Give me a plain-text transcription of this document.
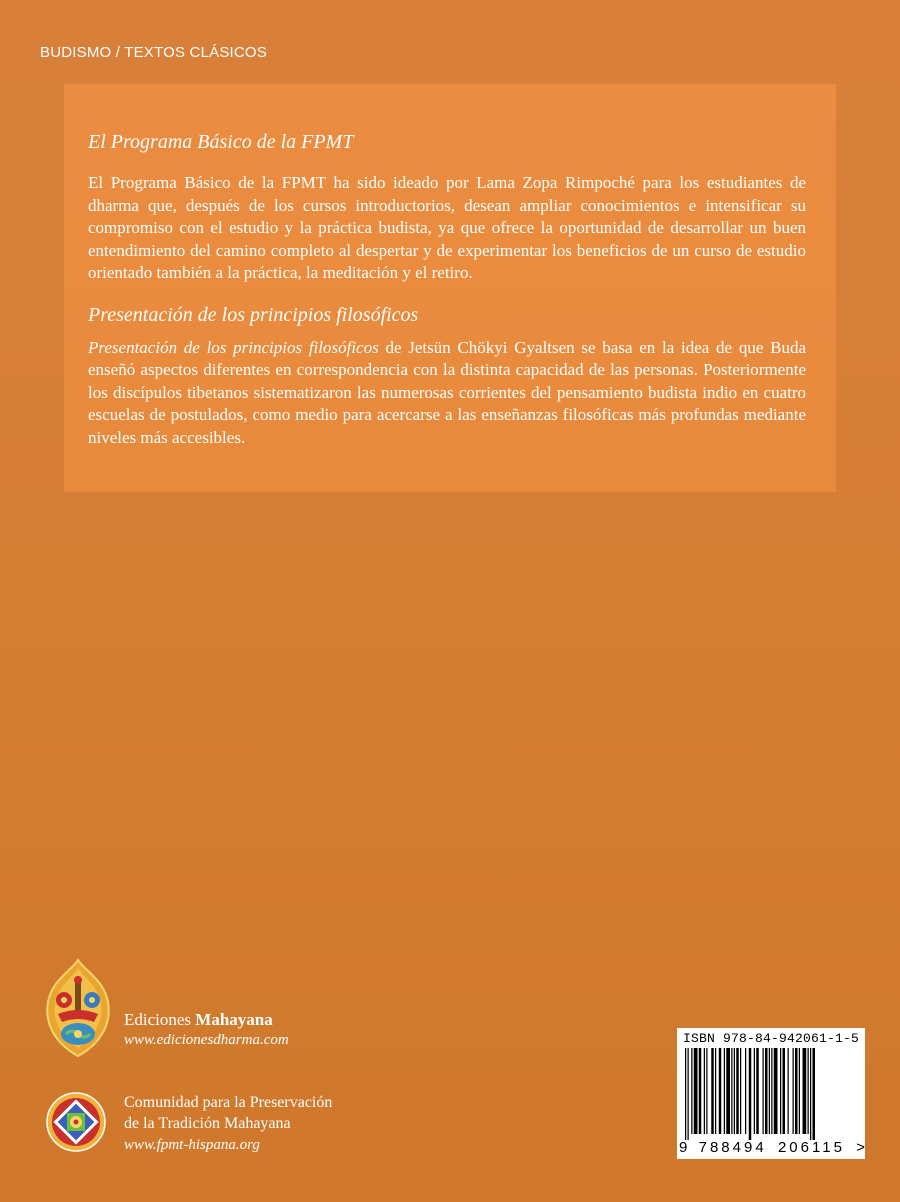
BUDISMO / TEXTOS CLÁSICOS
El Programa Básico de la FPMT

El Programa Básico de la FPMT ha sido ideado por Lama Zopa Rimpoché para los estudiantes de dharma que, después de los cursos introductorios, desean ampliar conocimientos e intensificar su compromiso con el estudio y la práctica budista, ya que ofrece la oportunidad de desarrollar un buen entendimiento del camino completo al despertar y de experimentar los beneficios de un curso de estudio orientado también a la práctica, la meditación y el retiro.

Presentación de los principios filosóficos

Presentación de los principios filosóficos de Jetsün Chökyi Gyaltsen se basa en la idea de que Buda enseñó aspectos diferentes en correspondencia con la distinta capacidad de las personas. Posteriormente los discípulos tibetanos sistematizaron las numerosas corrientes del pensamiento budista indio en cuatro escuelas de postulados, como medio para acercarse a las enseñanzas filosóficas más profundas mediante niveles más accesibles.

Ediciones Mahayana
www.edicionesdharma.com
Comunidad para la Preservación
de la Tradición Mahayana
www.fpmt-hispana.org
ISBN 978-84-942061-1-5
9 788494 206115 >
